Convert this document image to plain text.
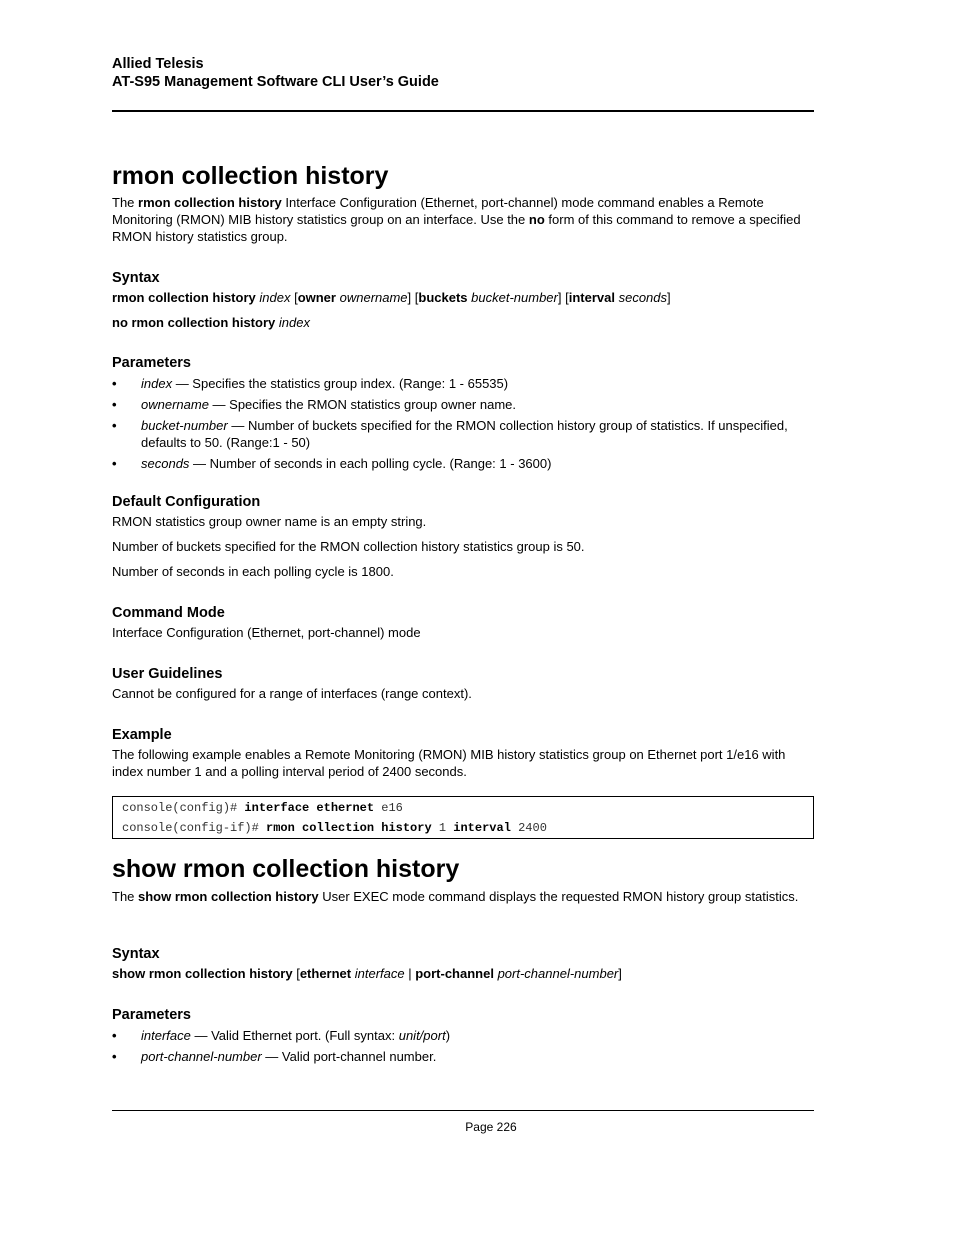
Allied Telesis
AT-S95 Management Software CLI User’s Guide
rmon collection history

The rmon collection history Interface Configuration (Ethernet, port-channel) mode command enables a Remote Monitoring (RMON) MIB history statistics group on an interface. Use the no form of this command to remove a specified RMON history statistics group.

Syntax
rmon collection history index [owner ownername] [buckets bucket-number] [interval seconds]
no rmon collection history index
Parameters
• index — Specifies the statistics group index. (Range: 1 - 65535)
• ownername — Specifies the RMON statistics group owner name.
• bucket-number — Number of buckets specified for the RMON collection history group of statistics. If unspecified, defaults to 50. (Range:1 - 50)
• seconds — Number of seconds in each polling cycle. (Range: 1 - 3600)
Default Configuration

RMON statistics group owner name is an empty string.

Number of buckets specified for the RMON collection history statistics group is 50.

Number of seconds in each polling cycle is 1800.

Command Mode

Interface Configuration (Ethernet, port-channel) mode

User Guidelines

Cannot be configured for a range of interfaces (range context).

Example

The following example enables a Remote Monitoring (RMON) MIB history statistics group on Ethernet port 1/e16 with index number 1 and a polling interval period of 2400 seconds.

console(config)# interface ethernet e16
console(config-if)# rmon collection history 1 interval 2400
show rmon collection history

The show rmon collection history User EXEC mode command displays the requested RMON history group statistics.

Syntax
show rmon collection history [ethernet interface | port-channel port-channel-number]
Parameters
• interface — Valid Ethernet port. (Full syntax: unit/port)
• port-channel-number — Valid port-channel number.
Page 226
